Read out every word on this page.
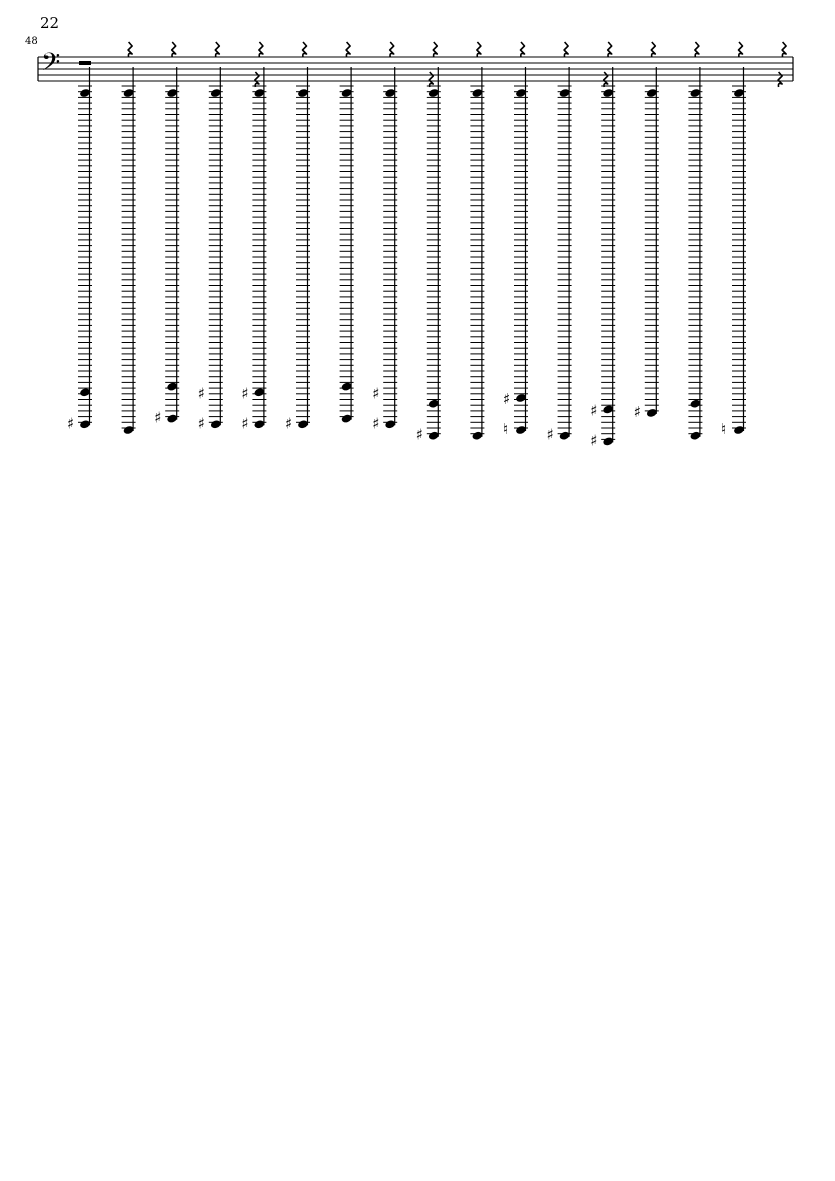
22
48
𝄢
♯	♯ ♯
♯
♯
♯
♯	♯
♯
♯	♮
♯
♯ ♯
♯ ♯
♮
